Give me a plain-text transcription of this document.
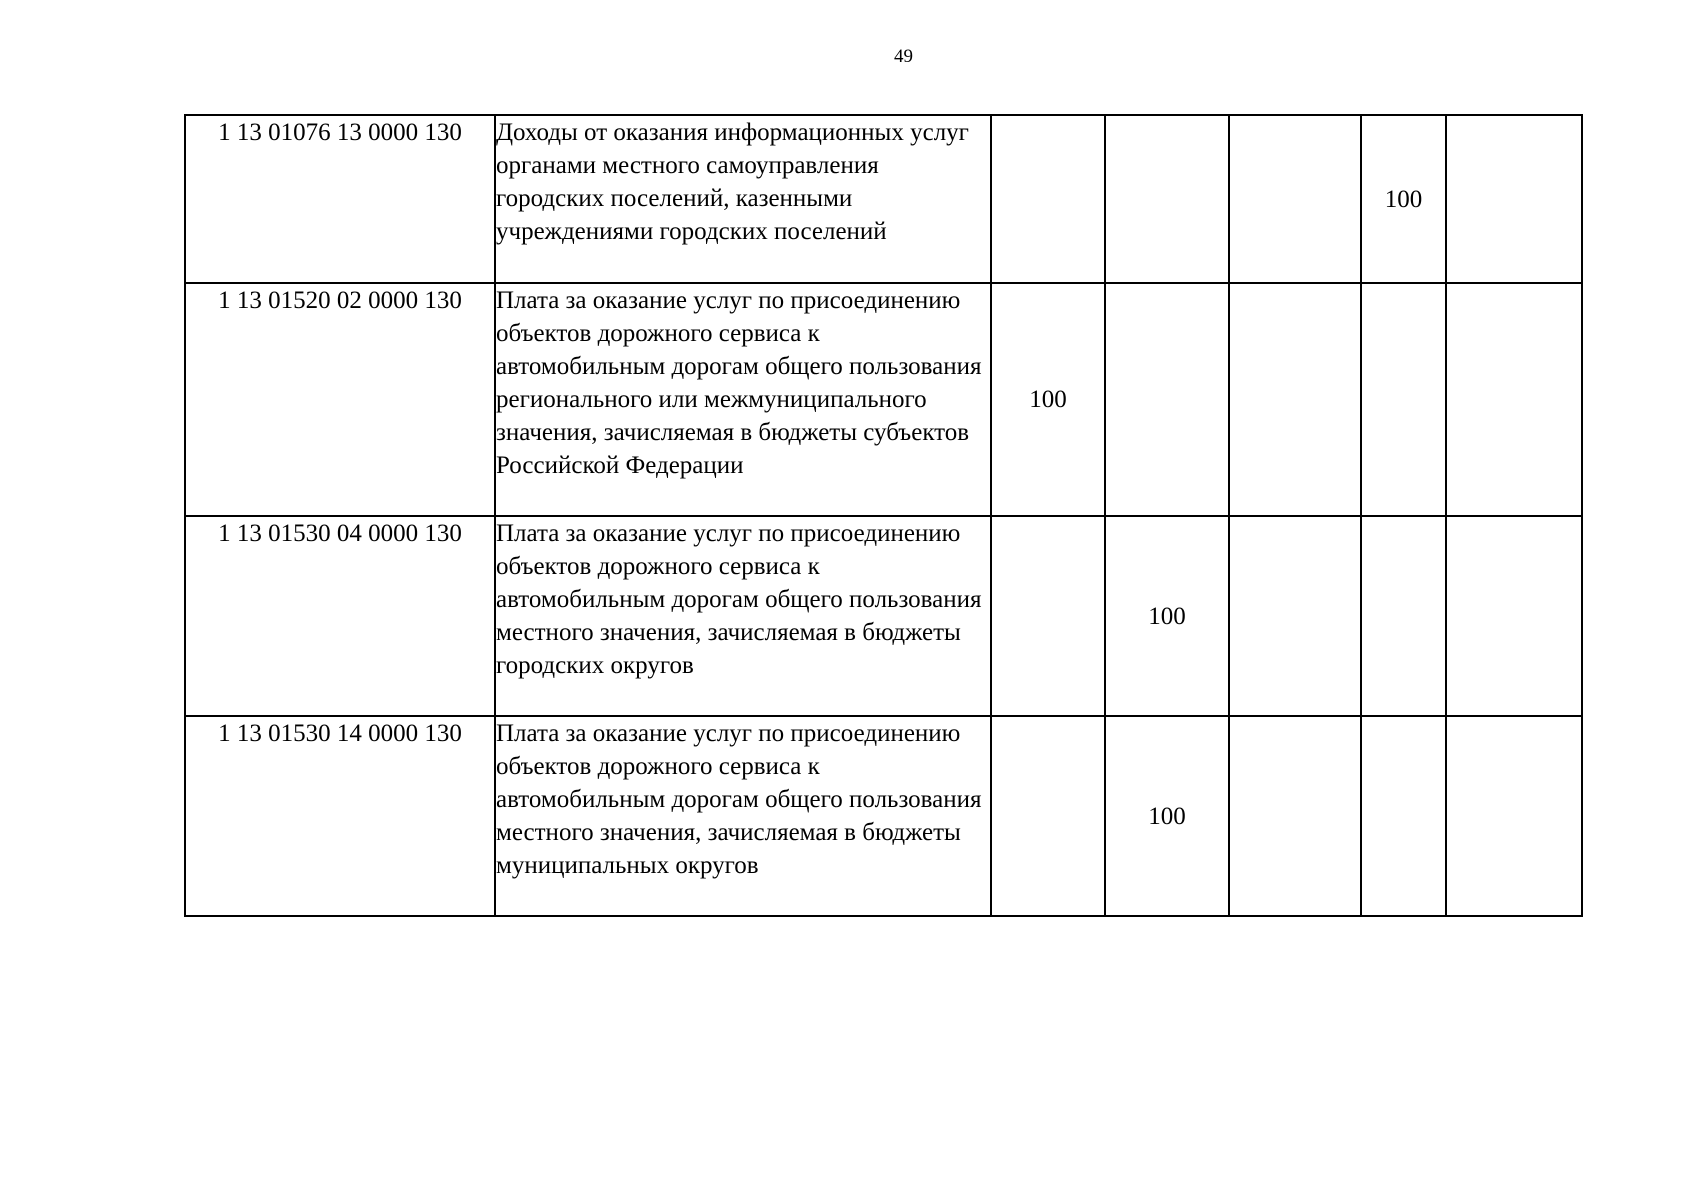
49
1 13 01076 13 0000 130	Доходы от оказания информационных услуг органами местного самоуправления городских поселений, казенными учреждениями городских поселений				100	
1 13 01520 02 0000 130	Плата за оказание услуг по присоединению объектов дорожного сервиса к автомобильным дорогам общего пользования регионального или межмуниципального значения, зачисляемая в бюджеты субъектов Российской Федерации	100				
1 13 01530 04 0000 130	Плата за оказание услуг по присоединению объектов дорожного сервиса к автомобильным дорогам общего пользования местного значения, зачисляемая в бюджеты городских округов		100			
1 13 01530 14 0000 130	Плата за оказание услуг по присоединению объектов дорожного сервиса к автомобильным дорогам общего пользования местного значения, зачисляемая в бюджеты муниципальных округов		100			
